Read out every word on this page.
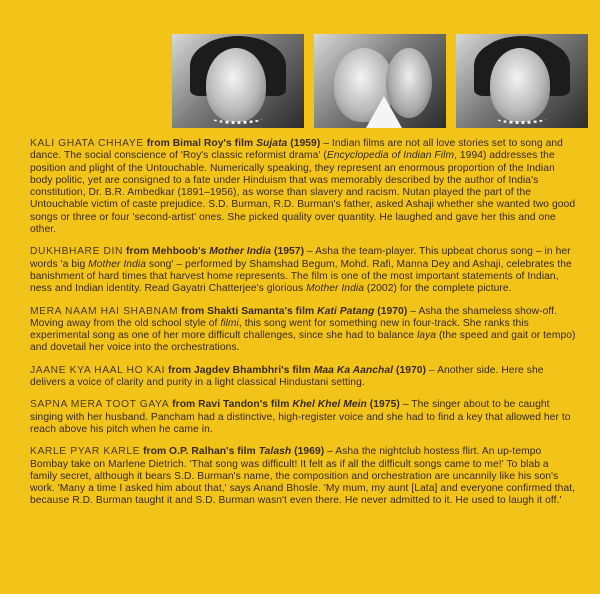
KALI GHATA CHHAYE from Bimal Roy's film Sujata (1959) – Indian films are not all love stories set to song and dance. The social conscience of 'Roy's classic reformist drama' (Encyclopedia of Indian Film, 1994) addresses the position and plight of the Untouchable. Numerically speaking, they represent an enormous proportion of the Indian body politic, yet are consigned to a fate under Hinduism that was memorably described by the author of India's constitution, Dr. B.R. Ambedkar (1891–1956), as worse than slavery and racism. Nutan played the part of the Untouchable victim of caste prejudice. S.D. Burman, R.D. Burman's father, asked Ashaji whether she wanted two good songs or three or four 'second-artist' ones. She picked quality over quantity. He laughed and gave her this and one other.

DUKHBHARE DIN from Mehboob's Mother India (1957) – Asha the team-player. This upbeat chorus song – in her words 'a big Mother India song' – performed by Shamshad Begum, Mohd. Rafi, Manna Dey and Ashaji, celebrates the banishment of hard times that harvest home represents. The film is one of the most important statements of Indian, ness and Indian identity. Read Gayatri Chatterjee's glorious Mother India (2002) for the complete picture.

MERA NAAM HAI SHABNAM from Shakti Samanta's film Kati Patang (1970) – Asha the shameless show-off. Moving away from the old school style of filmi, this song went for something new in four-track. She ranks this experimental song as one of her more difficult challenges, since she had to balance laya (the speed and gait or tempo) and dovetail her voice into the orchestrations.

JAANE KYA HAAL HO KAI from Jagdev Bhambhri's film Maa Ka Aanchal (1970) – Another side. Here she delivers a voice of clarity and purity in a light classical Hindustani setting.

SAPNA MERA TOOT GAYA from Ravi Tandon's film Khel Khel Mein (1975) – The singer about to be caught singing with her husband. Pancham had a distinctive, high-register voice and she had to find a key that allowed her to reach above his pitch when he came in.

KARLE PYAR KARLE from O.P. Ralhan's film Talash (1969) – Asha the nightclub hostess flirt. An up-tempo Bombay take on Marlene Dietrich. 'That song was difficult! It felt as if all the difficult songs came to me!' To blab a family secret, although it bears S.D. Burman's name, the composition and orchestration are uncannily like his son's work. 'Many a time I asked him about that,' says Anand Bhosle. 'My mum, my aunt [Lata] and everyone confirmed that, because R.D. Burman taught it and S.D. Burman wasn't even there. He never admitted to it. He used to laugh it off.'
